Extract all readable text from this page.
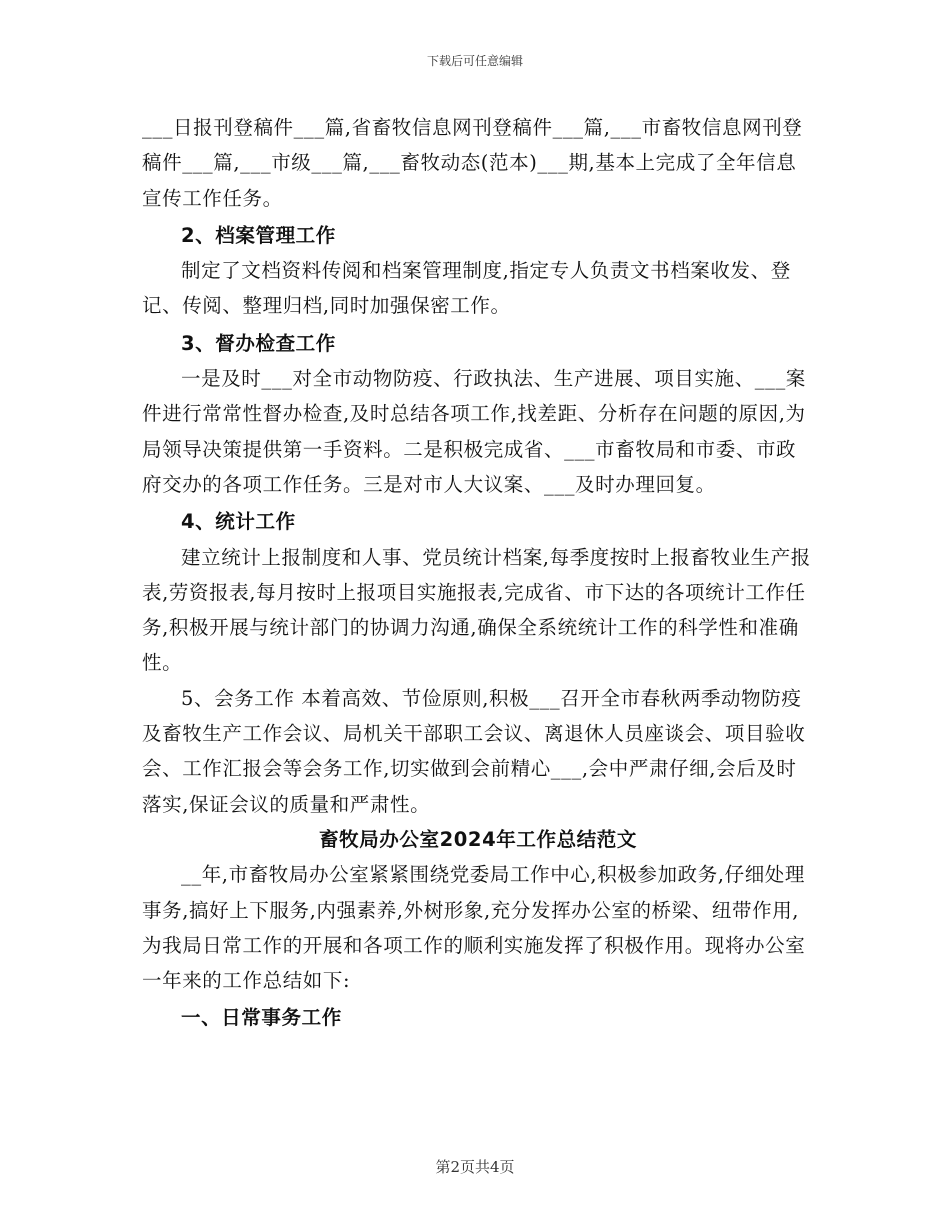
下载后可任意编辑

___日报刊登稿件___篇,省畜牧信息网刊登稿件___篇,___市畜牧信息网刊登稿件___篇,___市级___篇,___畜牧动态(范本)___期,基本上完成了全年信息宣传工作任务。

2、档案管理工作

制定了文档资料传阅和档案管理制度,指定专人负责文书档案收发、登记、传阅、整理归档,同时加强保密工作。

3、督办检查工作

一是及时___对全市动物防疫、行政执法、生产进展、项目实施、___案件进行常常性督办检查,及时总结各项工作,找差距、分析存在问题的原因,为局领导决策提供第一手资料。二是积极完成省、___市畜牧局和市委、市政府交办的各项工作任务。三是对市人大议案、___及时办理回复。

4、统计工作

建立统计上报制度和人事、党员统计档案,每季度按时上报畜牧业生产报表,劳资报表,每月按时上报项目实施报表,完成省、市下达的各项统计工作任务,积极开展与统计部门的协调力沟通,确保全系统统计工作的科学性和准确性。

5、会务工作 本着高效、节俭原则,积极___召开全市春秋两季动物防疫及畜牧生产工作会议、局机关干部职工会议、离退休人员座谈会、项目验收会、工作汇报会等会务工作,切实做到会前精心___,会中严肃仔细,会后及时落实,保证会议的质量和严肃性。

畜牧局办公室2024年工作总结范文

__年,市畜牧局办公室紧紧围绕党委局工作中心,积极参加政务,仔细处理事务,搞好上下服务,内强素养,外树形象,充分发挥办公室的桥梁、纽带作用,为我局日常工作的开展和各项工作的顺利实施发挥了积极作用。现将办公室一年来的工作总结如下:

一、日常事务工作

第2页共4页
